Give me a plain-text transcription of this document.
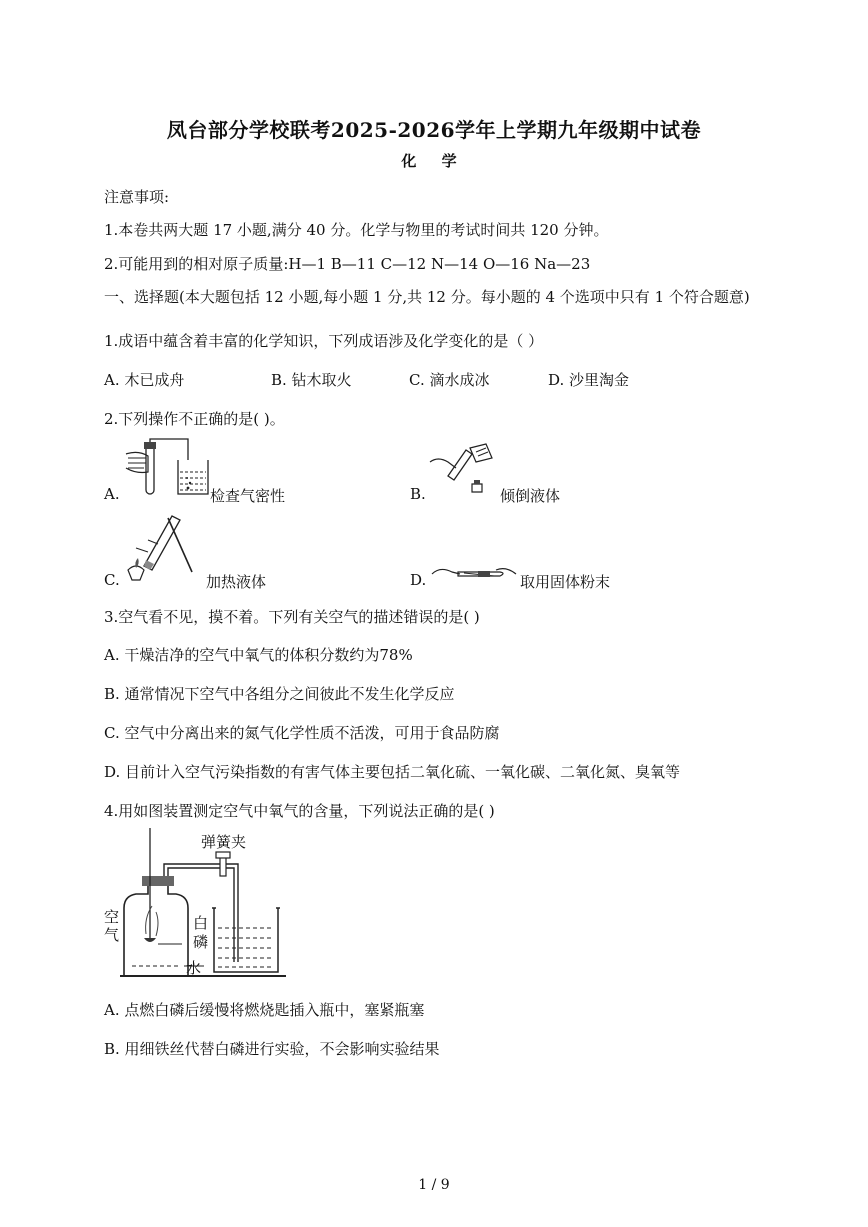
凤台部分学校联考2025-2026学年上学期九年级期中试卷
化 学
注意事项:
1.本卷共两大题 17 小题,满分 40 分。化学与物里的考试时间共 120 分钟。
2.可能用到的相对原子质量:H—1 B—11 C—12 N—14 O—16 Na—23
一、选择题(本大题包括 12 小题,每小题 1 分,共 12 分。每小题的 4 个选项中只有 1 个符合题意)
1.成语中蕴含着丰富的化学知识，下列成语涉及化学变化的是（ ）
A. 木已成舟	B. 钻木取火	C. 滴水成冰	D. 沙里淘金
2.下列操作不正确的是( )。
A.	检查气密性	B.	倾倒液体
C.	加热液体	D.	取用固体粉末
3.空气看不见，摸不着。下列有关空气的描述错误的是( )
A. 干燥洁净的空气中氧气的体积分数约为78%
B. 通常情况下空气中各组分之间彼此不发生化学反应
C. 空气中分离出来的氮气化学性质不活泼，可用于食品防腐
D. 目前计入空气污染指数的有害气体主要包括二氧化硫、一氧化碳、二氧化氮、臭氧等
4.用如图装置测定空气中氧气的含量，下列说法正确的是( )
弹簧夹
空气
白磷
水
A. 点燃白磷后缓慢将燃烧匙插入瓶中，塞紧瓶塞
B. 用细铁丝代替白磷进行实验，不会影响实验结果
1 / 9
